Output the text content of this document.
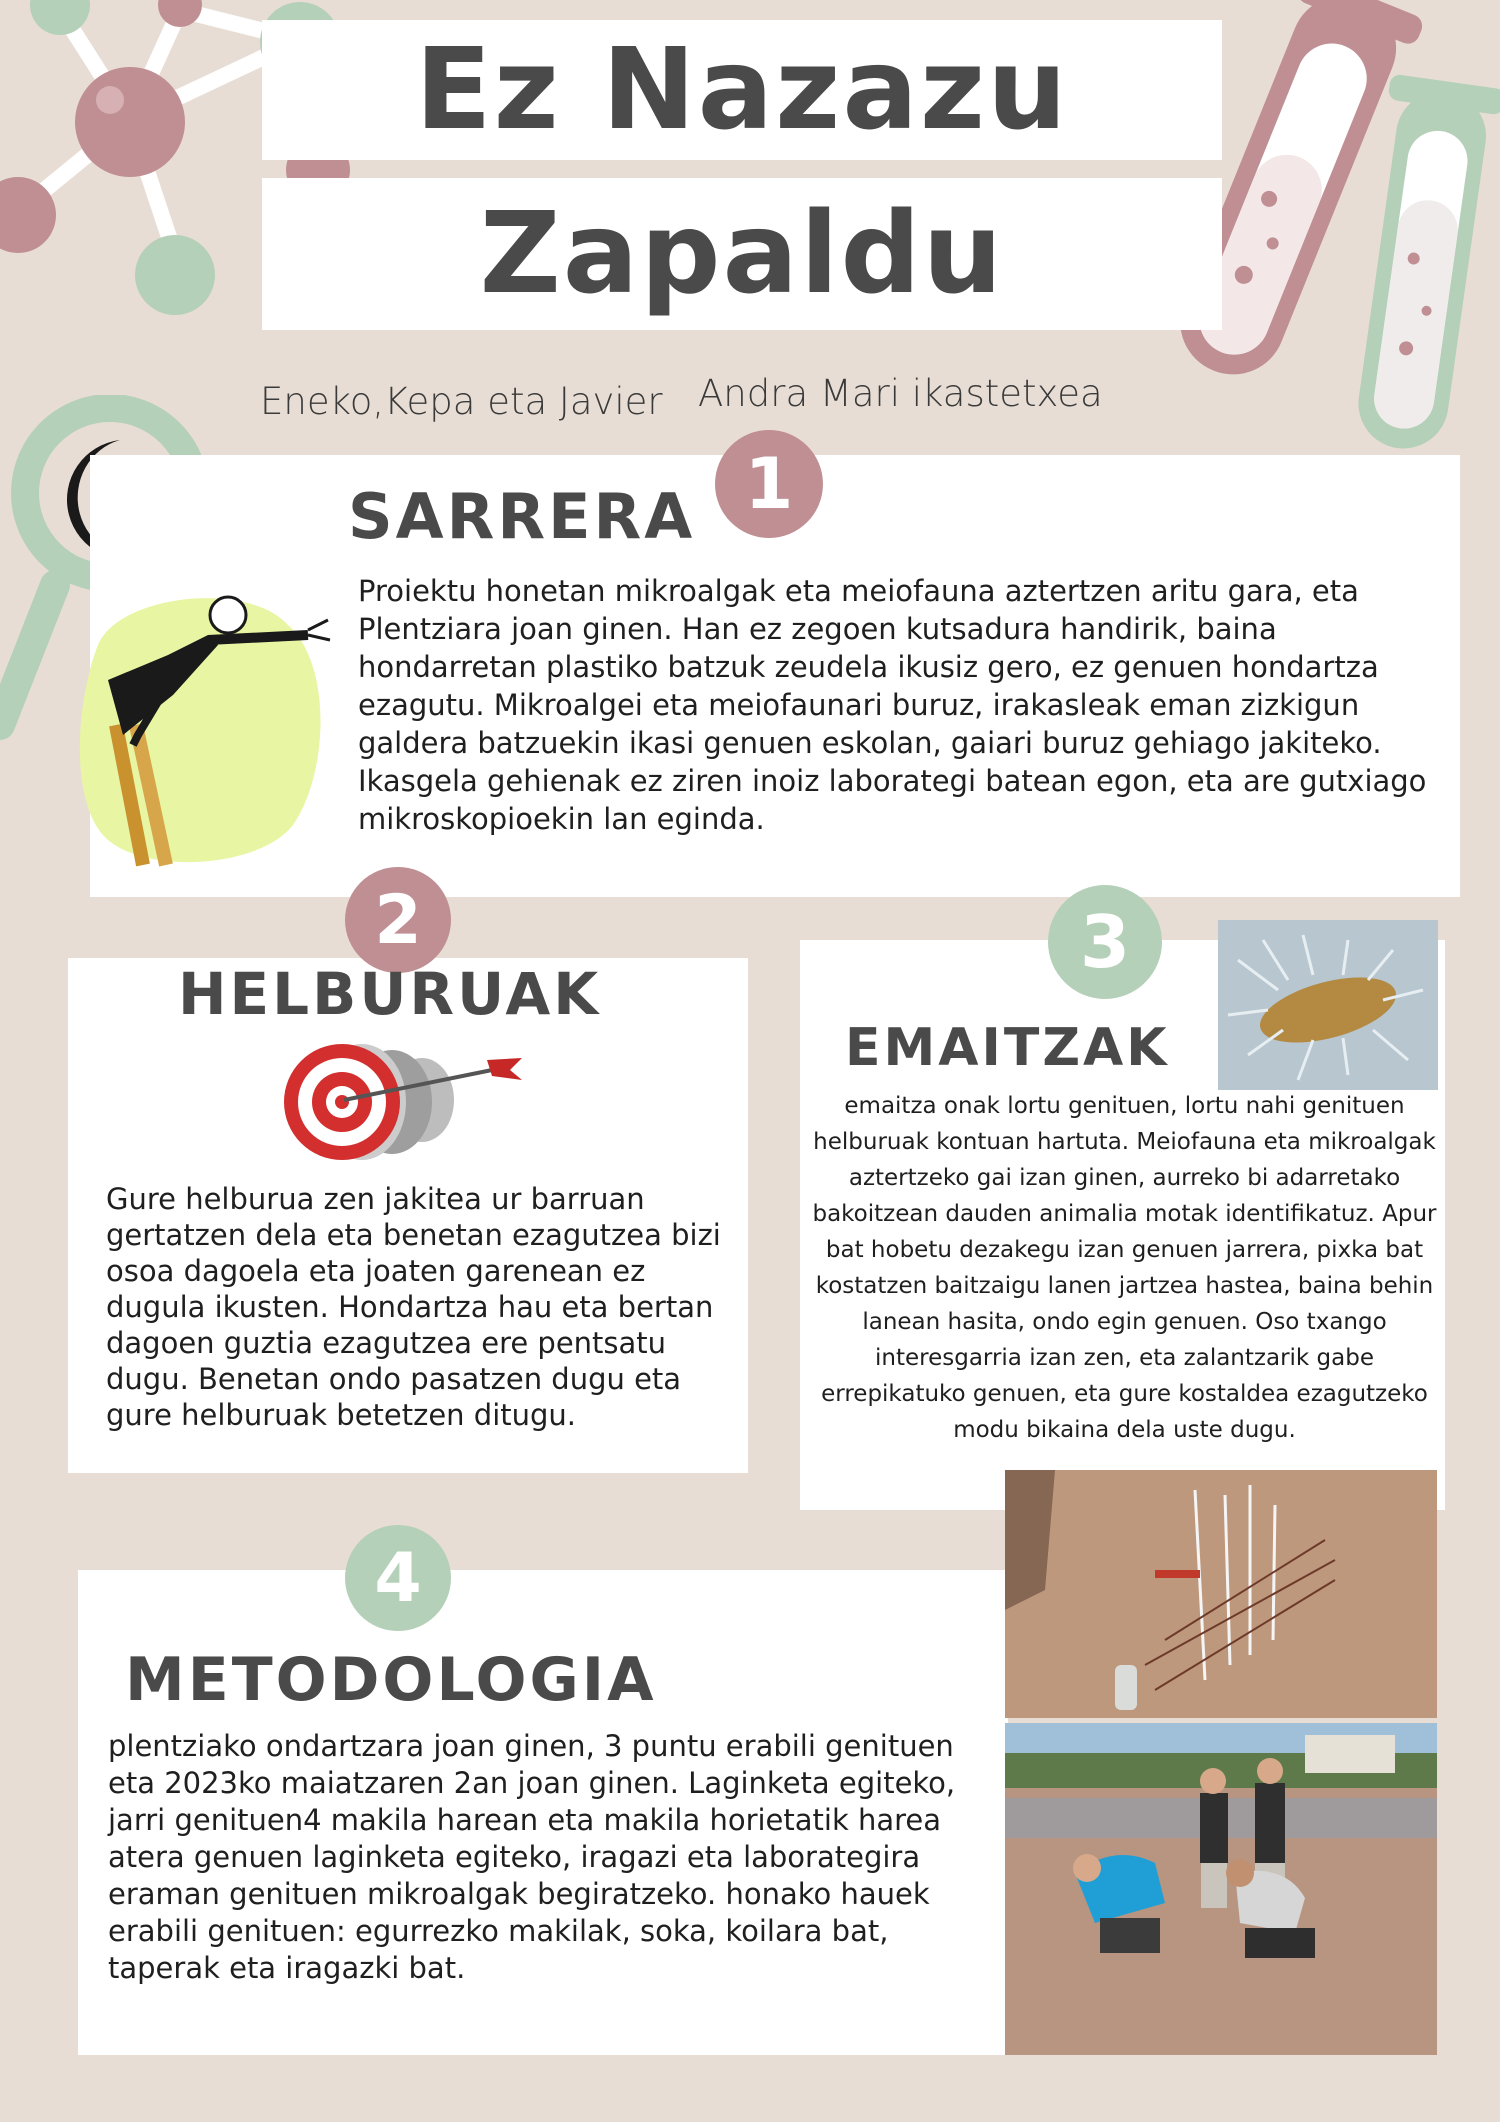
Ez Nazazu
Zapaldu
Eneko,Kepa eta Javier Andra Mari ikastetxea
1
SARRERA

Proiektu honetan mikroalgak eta meiofauna aztertzen aritu gara, eta Plentziara joan ginen. Han ez zegoen kutsadura handirik, baina hondarretan plastiko batzuk zeudela ikusiz gero, ez genuen hondartza ezagutu. Mikroalgei eta meiofaunari buruz, irakasleak eman zizkigun galdera batzuekin ikasi genuen eskolan, gaiari buruz gehiago jakiteko. Ikasgela gehienak ez ziren inoiz laborategi batean egon, eta are gutxiago mikroskopioekin lan eginda.

2
HELBURUAK

Gure helburua zen jakitea ur barruan gertatzen dela eta benetan ezagutzea bizi osoa dagoela eta joaten garenean ez dugula ikusten. Hondartza hau eta bertan dagoen guztia ezagutzea ere pentsatu dugu. Benetan ondo pasatzen dugu eta gure helburuak betetzen ditugu.

3
EMAITZAK

emaitza onak lortu genituen, lortu nahi genituen helburuak kontuan hartuta. Meiofauna eta mikroalgak aztertzeko gai izan ginen, aurreko bi adarretako bakoitzean dauden animalia motak identifikatuz. Apur bat hobetu dezakegu izan genuen jarrera, pixka bat kostatzen baitzaigu lanen jartzea hastea, baina behin lanean hasita, ondo egin genuen. Oso txango interesgarria izan zen, eta zalantzarik gabe errepikatuko genuen, eta gure kostaldea ezagutzeko modu bikaina dela uste dugu.

4
METODOLOGIA

plentziako ondartzara joan ginen, 3 puntu erabili genituen eta 2023ko maiatzaren 2an joan ginen. Laginketa egiteko, jarri genituen4 makila harean eta makila horietatik harea atera genuen laginketa egiteko, iragazi eta laborategira eraman genituen mikroalgak begiratzeko. honako hauek erabili genituen: egurrezko makilak, soka, koilara bat, taperak eta iragazki bat.
